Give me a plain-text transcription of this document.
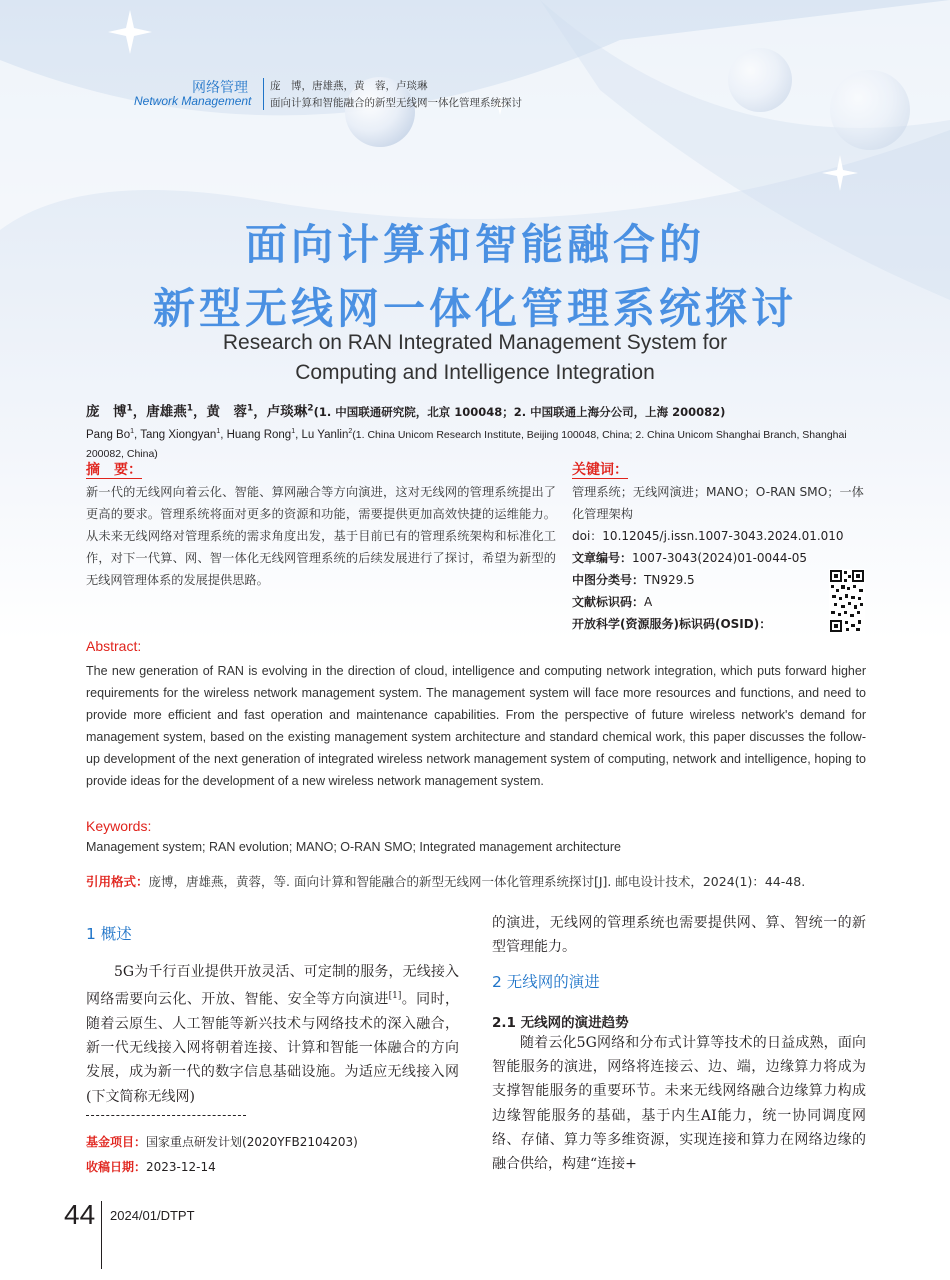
网络管理
Network Management
庞　博，唐雄燕，黄　蓉，卢琰琳
面向计算和智能融合的新型无线网一体化管理系统探讨
面向计算和智能融合的
新型无线网一体化管理系统探讨
Research on RAN Integrated Management System for
Computing and Intelligence Integration
庞　博$^1$，唐雄燕$^1$，黄　蓉$^1$，卢琰琳$^2$(1. 中国联通研究院，北京 100048；2. 中国联通上海分公司，上海 200082)
Pang Bo$^1$, Tang Xiongyan$^1$, Huang Rong$^1$, Lu Yanlin$^2$(1. China Unicom Research Institute, Beijing 100048, China; 2. China Unicom Shanghai Branch, Shanghai 200082, China)
摘　要：
新一代的无线网向着云化、智能、算网融合等方向演进，这对无线网的管理系统提出了更高的要求。管理系统将面对更多的资源和功能，需要提供更加高效快捷的运维能力。从未来无线网络对管理系统的需求角度出发，基于目前已有的管理系统架构和标准化工作，对下一代算、网、智一体化无线网管理系统的后续发展进行了探讨，希望为新型的无线网管理体系的发展提供思路。
关键词：
管理系统；无线网演进；MANO；O-RAN SMO；一体化管理架构
doi：10.12045/j.issn.1007-3043.2024.01.010
文章编号：1007-3043(2024)01-0044-05
中图分类号：TN929.5
文献标识码：A
开放科学(资源服务)标识码(OSID)：
Abstract:
The new generation of RAN is evolving in the direction of cloud, intelligence and computing network integration, which puts forward higher requirements for the wireless network management system. The management system will face more resources and functions, and need to provide more efficient and fast operation and maintenance capabilities. From the perspective of future wireless network's demand for management system, based on the existing management system architecture and standard chemical work, this paper discusses the follow-up development of the next generation of integrated wireless network management system of computing, network and intelligence, hoping to provide ideas for the development of a new wireless network management system.
Keywords:
Management system; RAN evolution; MANO; O-RAN SMO; Integrated management architecture
引用格式：庞博，唐雄燕，黄蓉，等. 面向计算和智能融合的新型无线网一体化管理系统探讨[J]. 邮电设计技术，2024(1)：44-48.
1 概述
5G为千行百业提供开放灵活、可定制的服务，无线接入网络需要向云化、开放、智能、安全等方向演进[1]。同时，随着云原生、人工智能等新兴技术与网络技术的深入融合，新一代无线接入网将朝着连接、计算和智能一体融合的方向发展，成为新一代的数字信息基础设施。为适应无线接入网(下文简称无线网)
基金项目：国家重点研发计划(2020YFB2104203)
收稿日期：2023-12-14
的演进，无线网的管理系统也需要提供网、算、智统一的新型管理能力。
2 无线网的演进
2.1 无线网的演进趋势
随着云化5G网络和分布式计算等技术的日益成熟，面向智能服务的演进，网络将连接云、边、端，边缘算力将成为支撑智能服务的重要环节。未来无线网络融合边缘算力构成边缘智能服务的基础，基于内生AI能力，统一协同调度网络、存储、算力等多维资源，实现连接和算力在网络边缘的融合供给，构建“连接+
44 2024/01/DTPT
